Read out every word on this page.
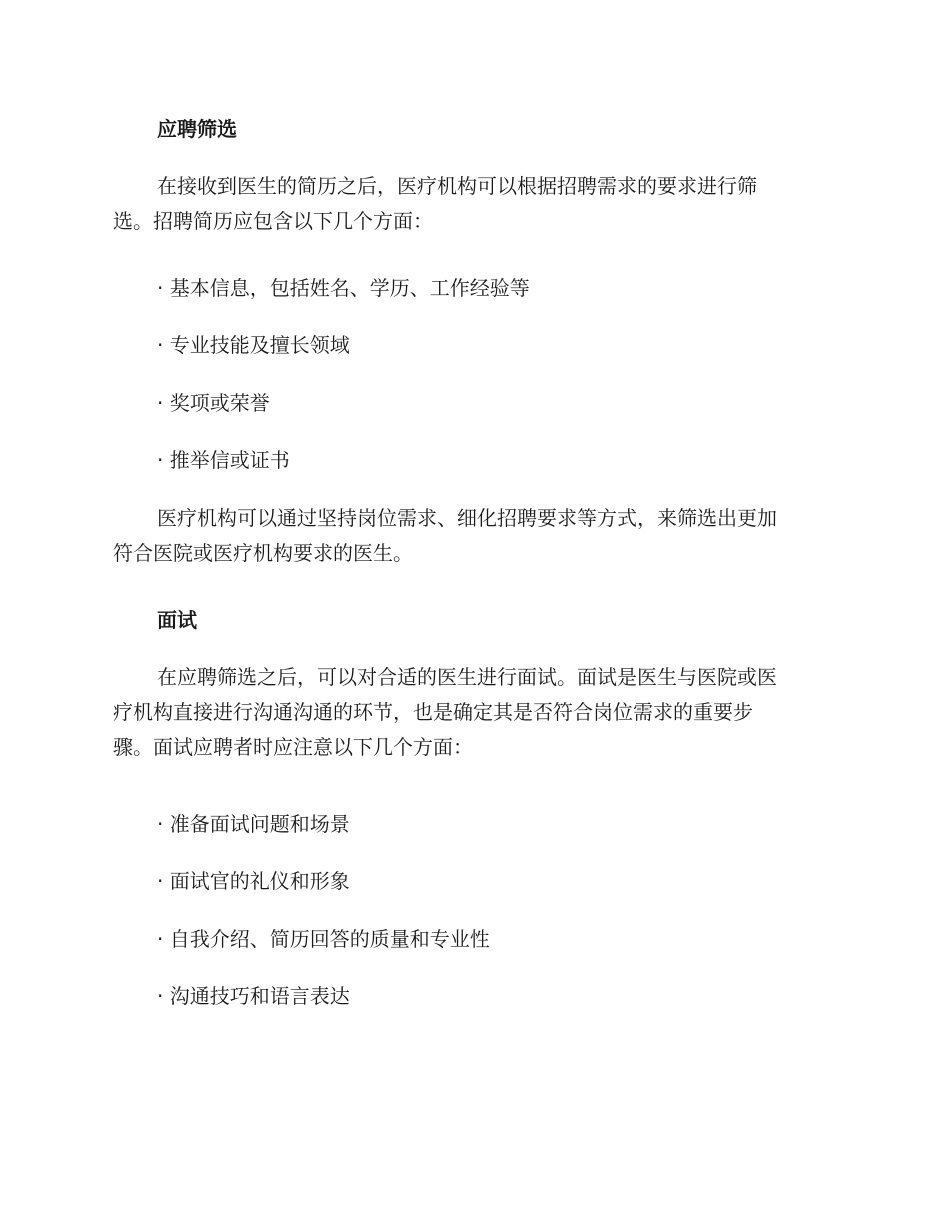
应聘筛选
在接收到医生的简历之后，医疗机构可以根据招聘需求的要求进行筛
选。招聘简历应包含以下几个方面：
· 基本信息，包括姓名、学历、工作经验等
· 专业技能及擅长领域
· 奖项或荣誉
· 推举信或证书
医疗机构可以通过坚持岗位需求、细化招聘要求等方式，来筛选出更加
符合医院或医疗机构要求的医生。
面试
在应聘筛选之后，可以对合适的医生进行面试。面试是医生与医院或医
疗机构直接进行沟通沟通的环节，也是确定其是否符合岗位需求的重要步
骤。面试应聘者时应注意以下几个方面：
· 准备面试问题和场景
· 面试官的礼仪和形象
· 自我介绍、简历回答的质量和专业性
· 沟通技巧和语言表达
